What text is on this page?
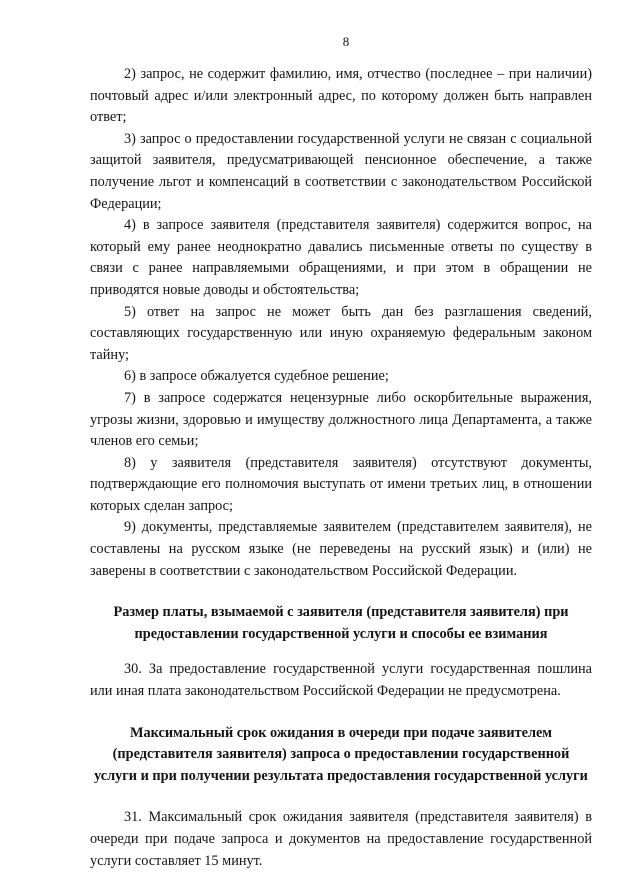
8

2) запрос, не содержит фамилию, имя, отчество (последнее – при наличии) почтовый адрес и/или электронный адрес, по которому должен быть направлен ответ;

3) запрос о предоставлении государственной услуги не связан с социальной защитой заявителя, предусматривающей пенсионное обеспечение, а также получение льгот и компенсаций в соответствии с законодательством Российской Федерации;

4) в запросе заявителя (представителя заявителя) содержится вопрос, на который ему ранее неоднократно давались письменные ответы по существу в связи с ранее направляемыми обращениями, и при этом в обращении не приводятся новые доводы и обстоятельства;

5) ответ на запрос не может быть дан без разглашения сведений, составляющих государственную или иную охраняемую федеральным законом тайну;

6) в запросе обжалуется судебное решение;

7) в запросе содержатся нецензурные либо оскорбительные выражения, угрозы жизни, здоровью и имуществу должностного лица Департамента, а также членов его семьи;

8) у заявителя (представителя заявителя) отсутствуют документы, подтверждающие его полномочия выступать от имени третьих лиц, в отношении которых сделан запрос;

9) документы, представляемые заявителем (представителем заявителя), не составлены на русском языке (не переведены на русский язык) и (или) не заверены в соответствии с законодательством Российской Федерации.

Размер платы, взымаемой с заявителя (представителя заявителя) при предоставлении государственной услуги и способы ее взимания

30. За предоставление государственной услуги государственная пошлина или иная плата законодательством Российской Федерации не предусмотрена.

Максимальный срок ожидания в очереди при подаче заявителем (представителя заявителя) запроса о предоставлении государственной услуги и при получении результата предоставления государственной услуги

31. Максимальный срок ожидания заявителя (представителя заявителя) в очереди при подаче запроса и документов на предоставление государственной услуги составляет 15 минут.
